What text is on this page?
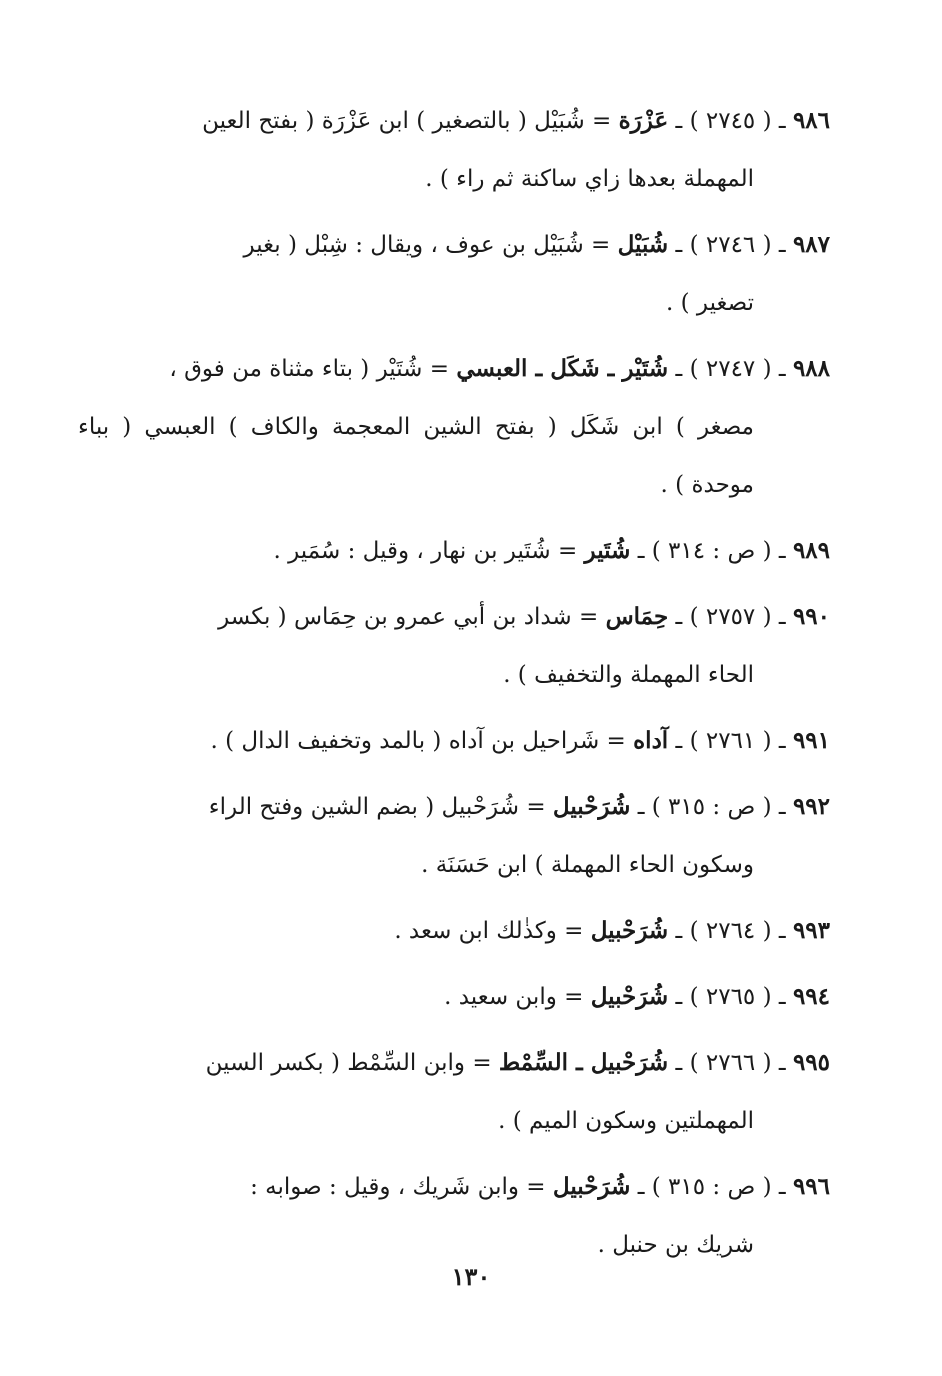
٩٨٦ ـ ( ٢٧٤٥ ) ـ عَزْرَة = شُبَيْل ( بالتصغير ) ابن عَزْرَة ( بفتح العين
المهملة بعدها زاي ساكنة ثم راء ) .
٩٨٧ ـ ( ٢٧٤٦ ) ـ شُبَيْل = شُبَيْل بن عوف ، ويقال : شِبْل ( بغير
تصغير ) .
٩٨٨ ـ ( ٢٧٤٧ ) ـ شُتَيْر ـ شَكَل ـ العبسي = شُتَيْر ( بتاء مثناة من فوق ،
مصغر ) ابن شَكَل ( بفتح الشين المعجمة والكاف ) العبسي ( بباء موحدة ) .
٩٨٩ ـ ( ص : ٣١٤ ) ـ شُتَير = شُتَير بن نهار ، وقيل : سُمَير .
٩٩٠ ـ ( ٢٧٥٧ ) ـ حِمَاس = شداد بن أبي عمرو بن حِمَاس ( بكسر
الحاء المهملة والتخفيف ) .
٩٩١ ـ ( ٢٧٦١ ) ـ آداه = شَراحيل بن آداه ( بالمد وتخفيف الدال ) .
٩٩٢ ـ ( ص : ٣١٥ ) ـ شُرَحْبيل = شُرَحْبيل ( بضم الشين وفتح الراء
وسكون الحاء المهملة ) ابن حَسَنَة .
٩٩٣ ـ ( ٢٧٦٤ ) ـ شُرَحْبيل = وكذٰلك ابن سعد .
٩٩٤ ـ ( ٢٧٦٥ ) ـ شُرَحْبيل = وابن سعيد .
٩٩٥ ـ ( ٢٧٦٦ ) ـ شُرَحْبيل ـ السِّمْط = وابن السِّمْط ( بكسر السين
المهملتين وسكون الميم ) .
٩٩٦ ـ ( ص : ٣١٥ ) ـ شُرَحْبيل = وابن شَريك ، وقيل : صوابه :
شريك بن حنبل .
١٣٠
